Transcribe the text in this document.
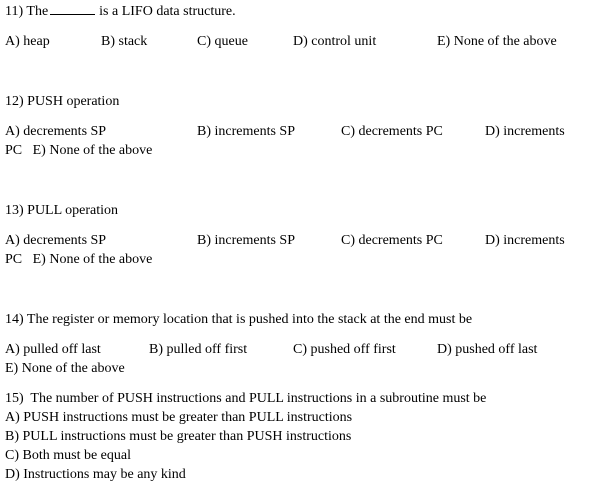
11) The	is a LIFO data structure.
A) heap	B) stack	C) queue	D) control unit	E) None of the above
12) PUSH operation
A) decrements SP	B) increments SP	C) decrements PC	D) increments
PC   E) None of the above
13) PULL operation
A) decrements SP	B) increments SP	C) decrements PC	D) increments
PC   E) None of the above
14) The register or memory location that is pushed into the stack at the end must be
A) pulled off last	B) pulled off first	C) pushed off first	D) pushed off last
E) None of the above
15)  The number of PUSH instructions and PULL instructions in a subroutine must be
A) PUSH instructions must be greater than PULL instructions
B) PULL instructions must be greater than PUSH instructions
C) Both must be equal
D) Instructions may be any kind
